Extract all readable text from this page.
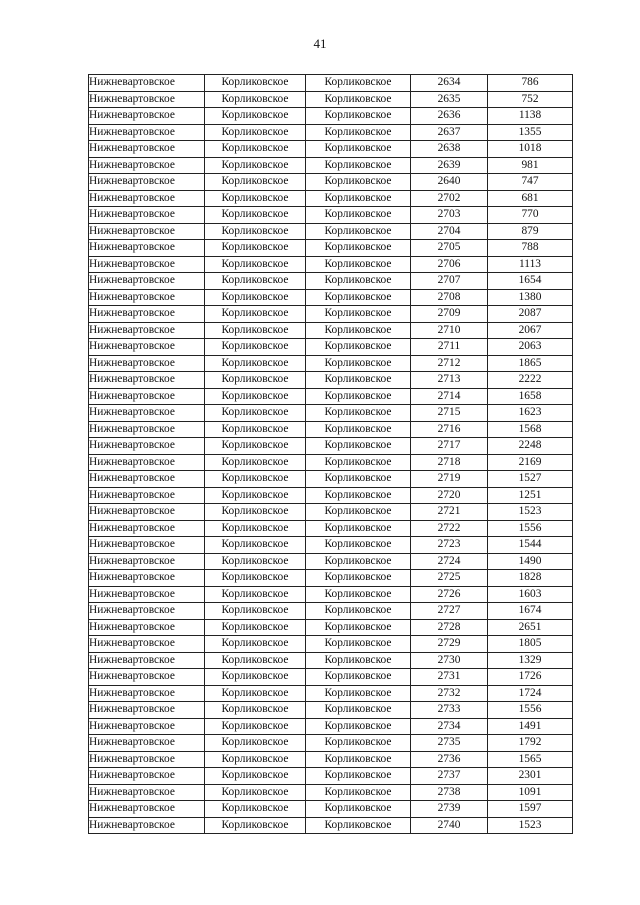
41
Нижневартовское	Корликовское	Корликовское	2634	786
Нижневартовское	Корликовское	Корликовское	2635	752
Нижневартовское	Корликовское	Корликовское	2636	1138
Нижневартовское	Корликовское	Корликовское	2637	1355
Нижневартовское	Корликовское	Корликовское	2638	1018
Нижневартовское	Корликовское	Корликовское	2639	981
Нижневартовское	Корликовское	Корликовское	2640	747
Нижневартовское	Корликовское	Корликовское	2702	681
Нижневартовское	Корликовское	Корликовское	2703	770
Нижневартовское	Корликовское	Корликовское	2704	879
Нижневартовское	Корликовское	Корликовское	2705	788
Нижневартовское	Корликовское	Корликовское	2706	1113
Нижневартовское	Корликовское	Корликовское	2707	1654
Нижневартовское	Корликовское	Корликовское	2708	1380
Нижневартовское	Корликовское	Корликовское	2709	2087
Нижневартовское	Корликовское	Корликовское	2710	2067
Нижневартовское	Корликовское	Корликовское	2711	2063
Нижневартовское	Корликовское	Корликовское	2712	1865
Нижневартовское	Корликовское	Корликовское	2713	2222
Нижневартовское	Корликовское	Корликовское	2714	1658
Нижневартовское	Корликовское	Корликовское	2715	1623
Нижневартовское	Корликовское	Корликовское	2716	1568
Нижневартовское	Корликовское	Корликовское	2717	2248
Нижневартовское	Корликовское	Корликовское	2718	2169
Нижневартовское	Корликовское	Корликовское	2719	1527
Нижневартовское	Корликовское	Корликовское	2720	1251
Нижневартовское	Корликовское	Корликовское	2721	1523
Нижневартовское	Корликовское	Корликовское	2722	1556
Нижневартовское	Корликовское	Корликовское	2723	1544
Нижневартовское	Корликовское	Корликовское	2724	1490
Нижневартовское	Корликовское	Корликовское	2725	1828
Нижневартовское	Корликовское	Корликовское	2726	1603
Нижневартовское	Корликовское	Корликовское	2727	1674
Нижневартовское	Корликовское	Корликовское	2728	2651
Нижневартовское	Корликовское	Корликовское	2729	1805
Нижневартовское	Корликовское	Корликовское	2730	1329
Нижневартовское	Корликовское	Корликовское	2731	1726
Нижневартовское	Корликовское	Корликовское	2732	1724
Нижневартовское	Корликовское	Корликовское	2733	1556
Нижневартовское	Корликовское	Корликовское	2734	1491
Нижневартовское	Корликовское	Корликовское	2735	1792
Нижневартовское	Корликовское	Корликовское	2736	1565
Нижневартовское	Корликовское	Корликовское	2737	2301
Нижневартовское	Корликовское	Корликовское	2738	1091
Нижневартовское	Корликовское	Корликовское	2739	1597
Нижневартовское	Корликовское	Корликовское	2740	1523
